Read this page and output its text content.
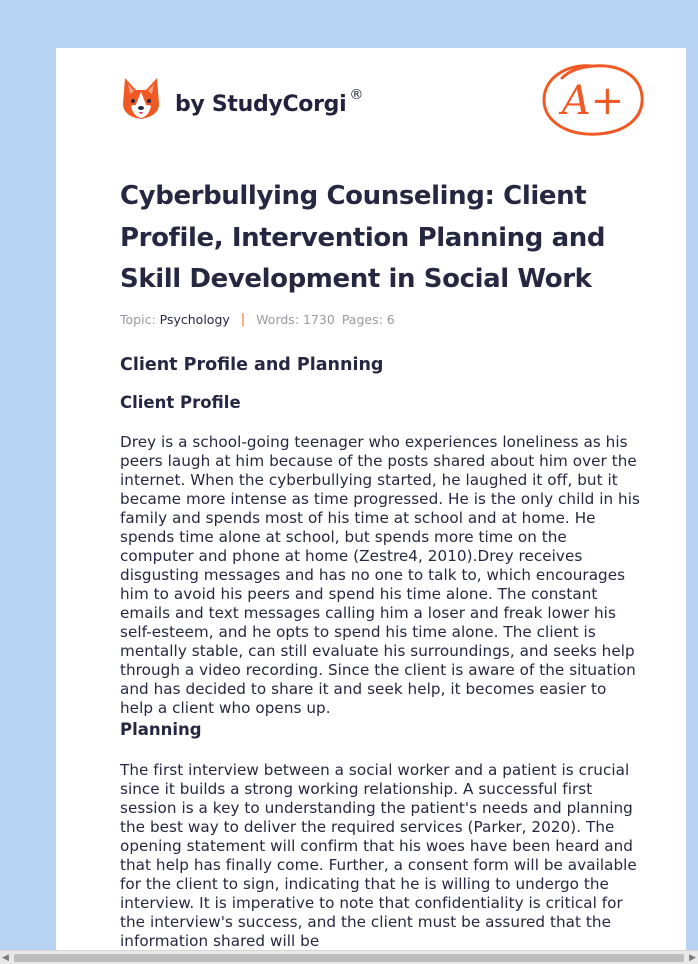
by StudyCorgi ®	A+
Cyberbullying Counseling: Client Profile, Intervention Planning and Skill Development in Social Work
Topic: Psychology | Words: 1730 Pages: 6
Client Profile and Planning
Client Profile

Drey is a school-going teenager who experiences loneliness as his peers laugh at him because of the posts shared about him over the internet. When the cyberbullying started, he laughed it off, but it became more intense as time progressed. He is the only child in his family and spends most of his time at school and at home. He spends time alone at school, but spends more time on the computer and phone at home (Zestre4, 2010).Drey receives disgusting messages and has no one to talk to, which encourages him to avoid his peers and spend his time alone. The constant emails and text messages calling him a loser and freak lower his self-esteem, and he opts to spend his time alone. The client is mentally stable, can still evaluate his surroundings, and seeks help through a video recording. Since the client is aware of the situation and has decided to share it and seek help, it becomes easier to help a client who opens up.

Planning

The first interview between a social worker and a patient is crucial since it builds a strong working relationship. A successful first session is a key to understanding the patient's needs and planning the best way to deliver the required services (Parker, 2020). The opening statement will confirm that his woes have been heard and that help has finally come. Further, a consent form will be available for the client to sign, indicating that he is willing to undergo the interview. It is imperative to note that confidentiality is critical for the interview's success, and the client must be assured that the information shared will be

◀	▶
